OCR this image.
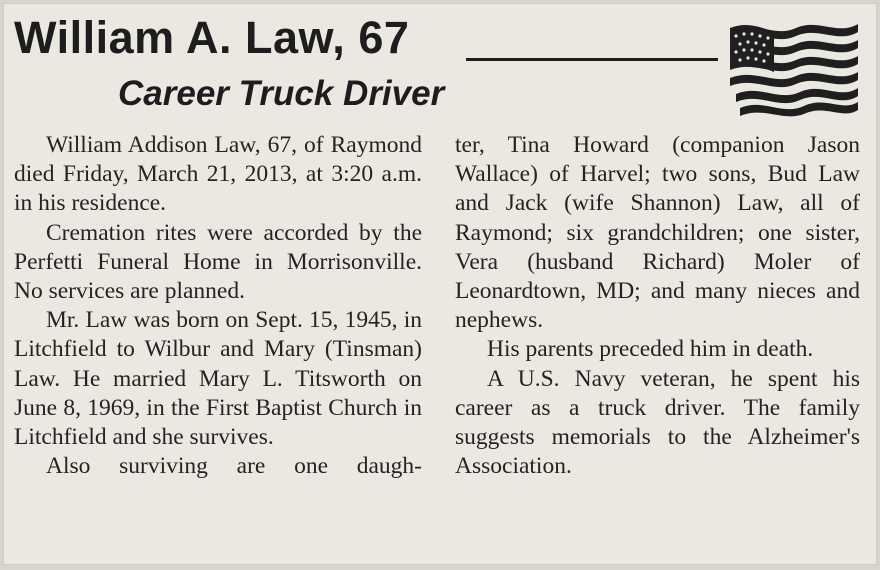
William A. Law, 67
Career Truck Driver

William Addison Law, 67, of Raymond died Friday, March 21, 2013, at 3:20 a.m. in his residence.

Cremation rites were accorded by the Perfetti Funeral Home in Morrisonville. No services are planned.

Mr. Law was born on Sept. 15, 1945, in Litchfield to Wilbur and Mary (Tinsman) Law. He married Mary L. Titsworth on June 8, 1969, in the First Baptist Church in Litchfield and she survives.

Also surviving are one daugh-

ter, Tina Howard (companion Jason Wallace) of Harvel; two sons, Bud Law and Jack (wife Shannon) Law, all of Raymond; six grandchildren; one sister, Vera (husband Richard) Moler of Leonardtown, MD; and many nieces and nephews.

His parents preceded him in death.

A U.S. Navy veteran, he spent his career as a truck driver. The family suggests memorials to the Alzheimer's Association.
